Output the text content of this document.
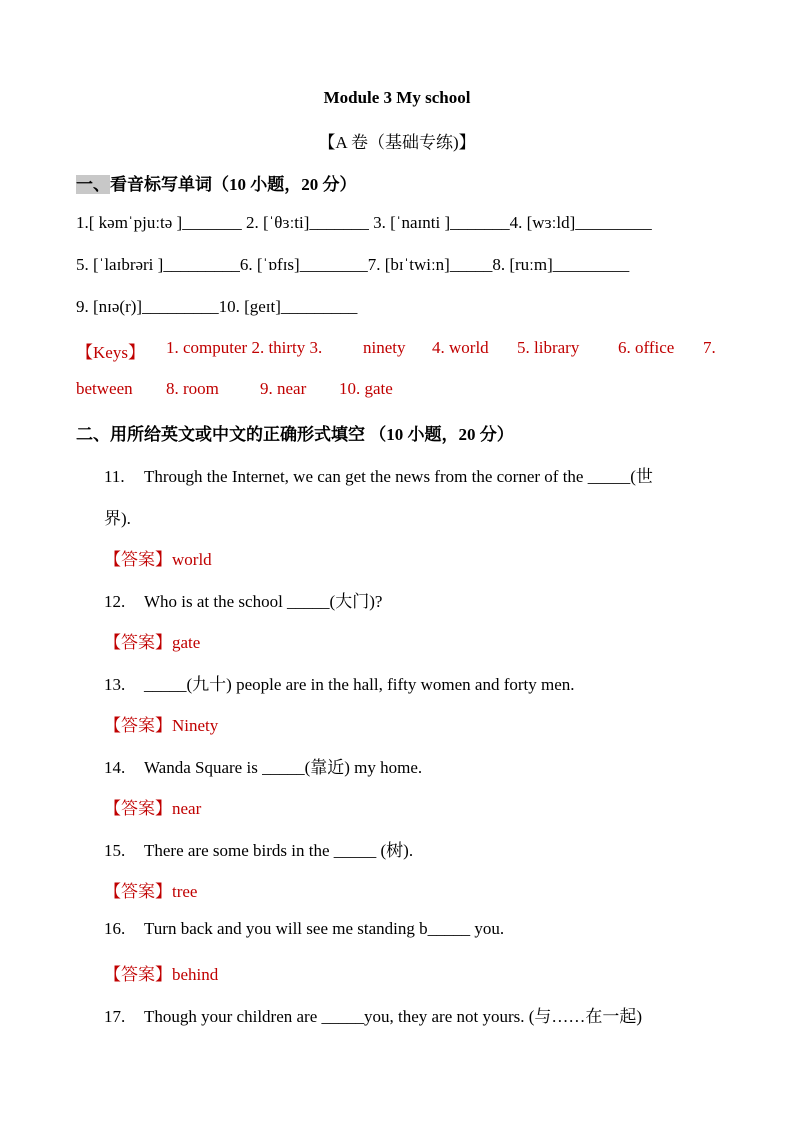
Module 3 My school
【A 卷（基础专练)】
一、看音标写单词（10 小题，20 分）
1.[ kəmˈpjuːtə ]_______ 2. [ˈθɜːti]_______ 3. [ˈnaɪnti ]_______4. [wɜːld]_________
5. [ˈlaɪbrəri ]_________6. [ˈɒfɪs]________7. [bɪˈtwiːn]_____8. [ruːm]_________
9. [nɪə(r)]_________10. [geɪt]_________
【Keys】 1. computer 2. thirty 3. ninety 4. world 5. library 6. office 7.
between 8. room 9. near 10. gate
二、用所给英文或中文的正确形式填空 （10 小题，20 分）
11. Through the Internet, we can get the news from the corner of the _____(世
界).
【答案】world
12. Who is at the school _____(大门)?
【答案】gate
13. _____(九十) people are in the hall, fifty women and forty men.
【答案】Ninety
14. Wanda Square is _____(靠近) my home.
【答案】near
15. There are some birds in the _____ (树).
【答案】tree
16. Turn back and you will see me standing b_____ you.
【答案】behind
17. Though your children are _____you, they are not yours. (与……在一起)
